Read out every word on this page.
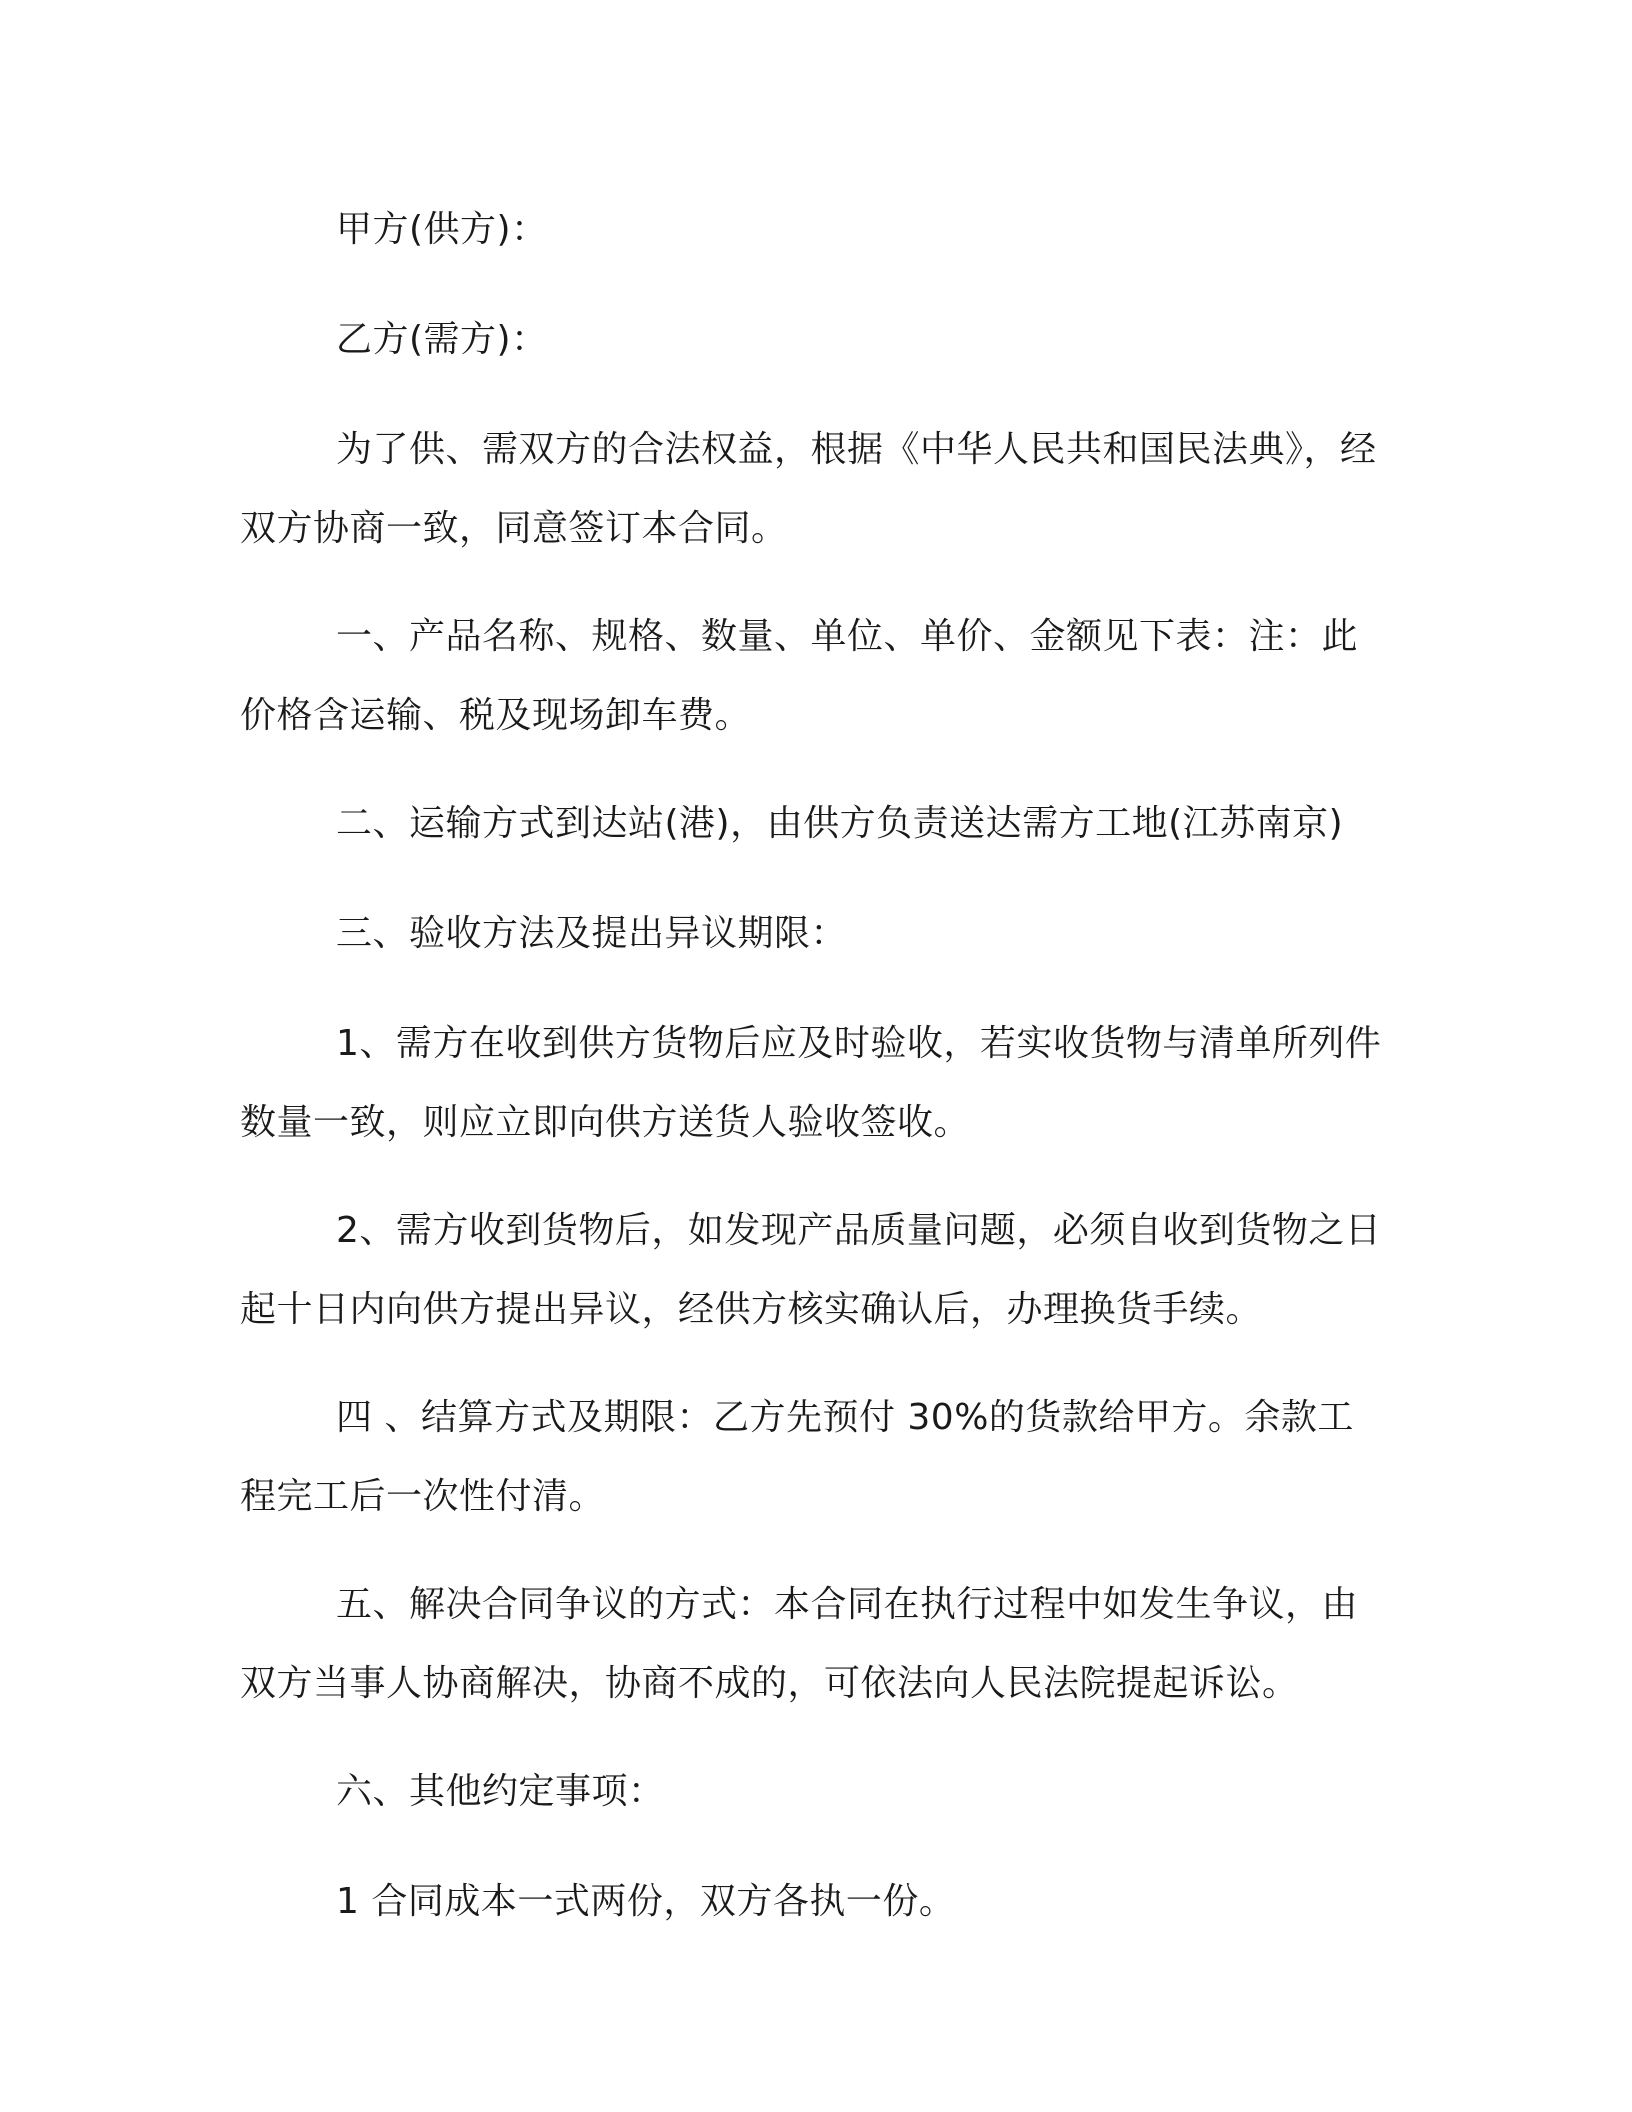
甲方(供方)：

乙方(需方)：

为了供、需双方的合法权益，根据《中华人民共和国民法典》，经双方协商一致，同意签订本合同。

一、产品名称、规格、数量、单位、单价、金额见下表：注：此价格含运输、税及现场卸车费。

二、运输方式到达站(港)，由供方负责送达需方工地(江苏南京)

三、验收方法及提出异议期限：

1、需方在收到供方货物后应及时验收，若实收货物与清单所列件数量一致，则应立即向供方送货人验收签收。

2、需方收到货物后，如发现产品质量问题，必须自收到货物之日起十日内向供方提出异议，经供方核实确认后，办理换货手续。

四 、结算方式及期限：乙方先预付 30%的货款给甲方。余款工程完工后一次性付清。

五、解决合同争议的方式：本合同在执行过程中如发生争议，由双方当事人协商解决，协商不成的，可依法向人民法院提起诉讼。

六、其他约定事项：

1 合同成本一式两份，双方各执一份。
